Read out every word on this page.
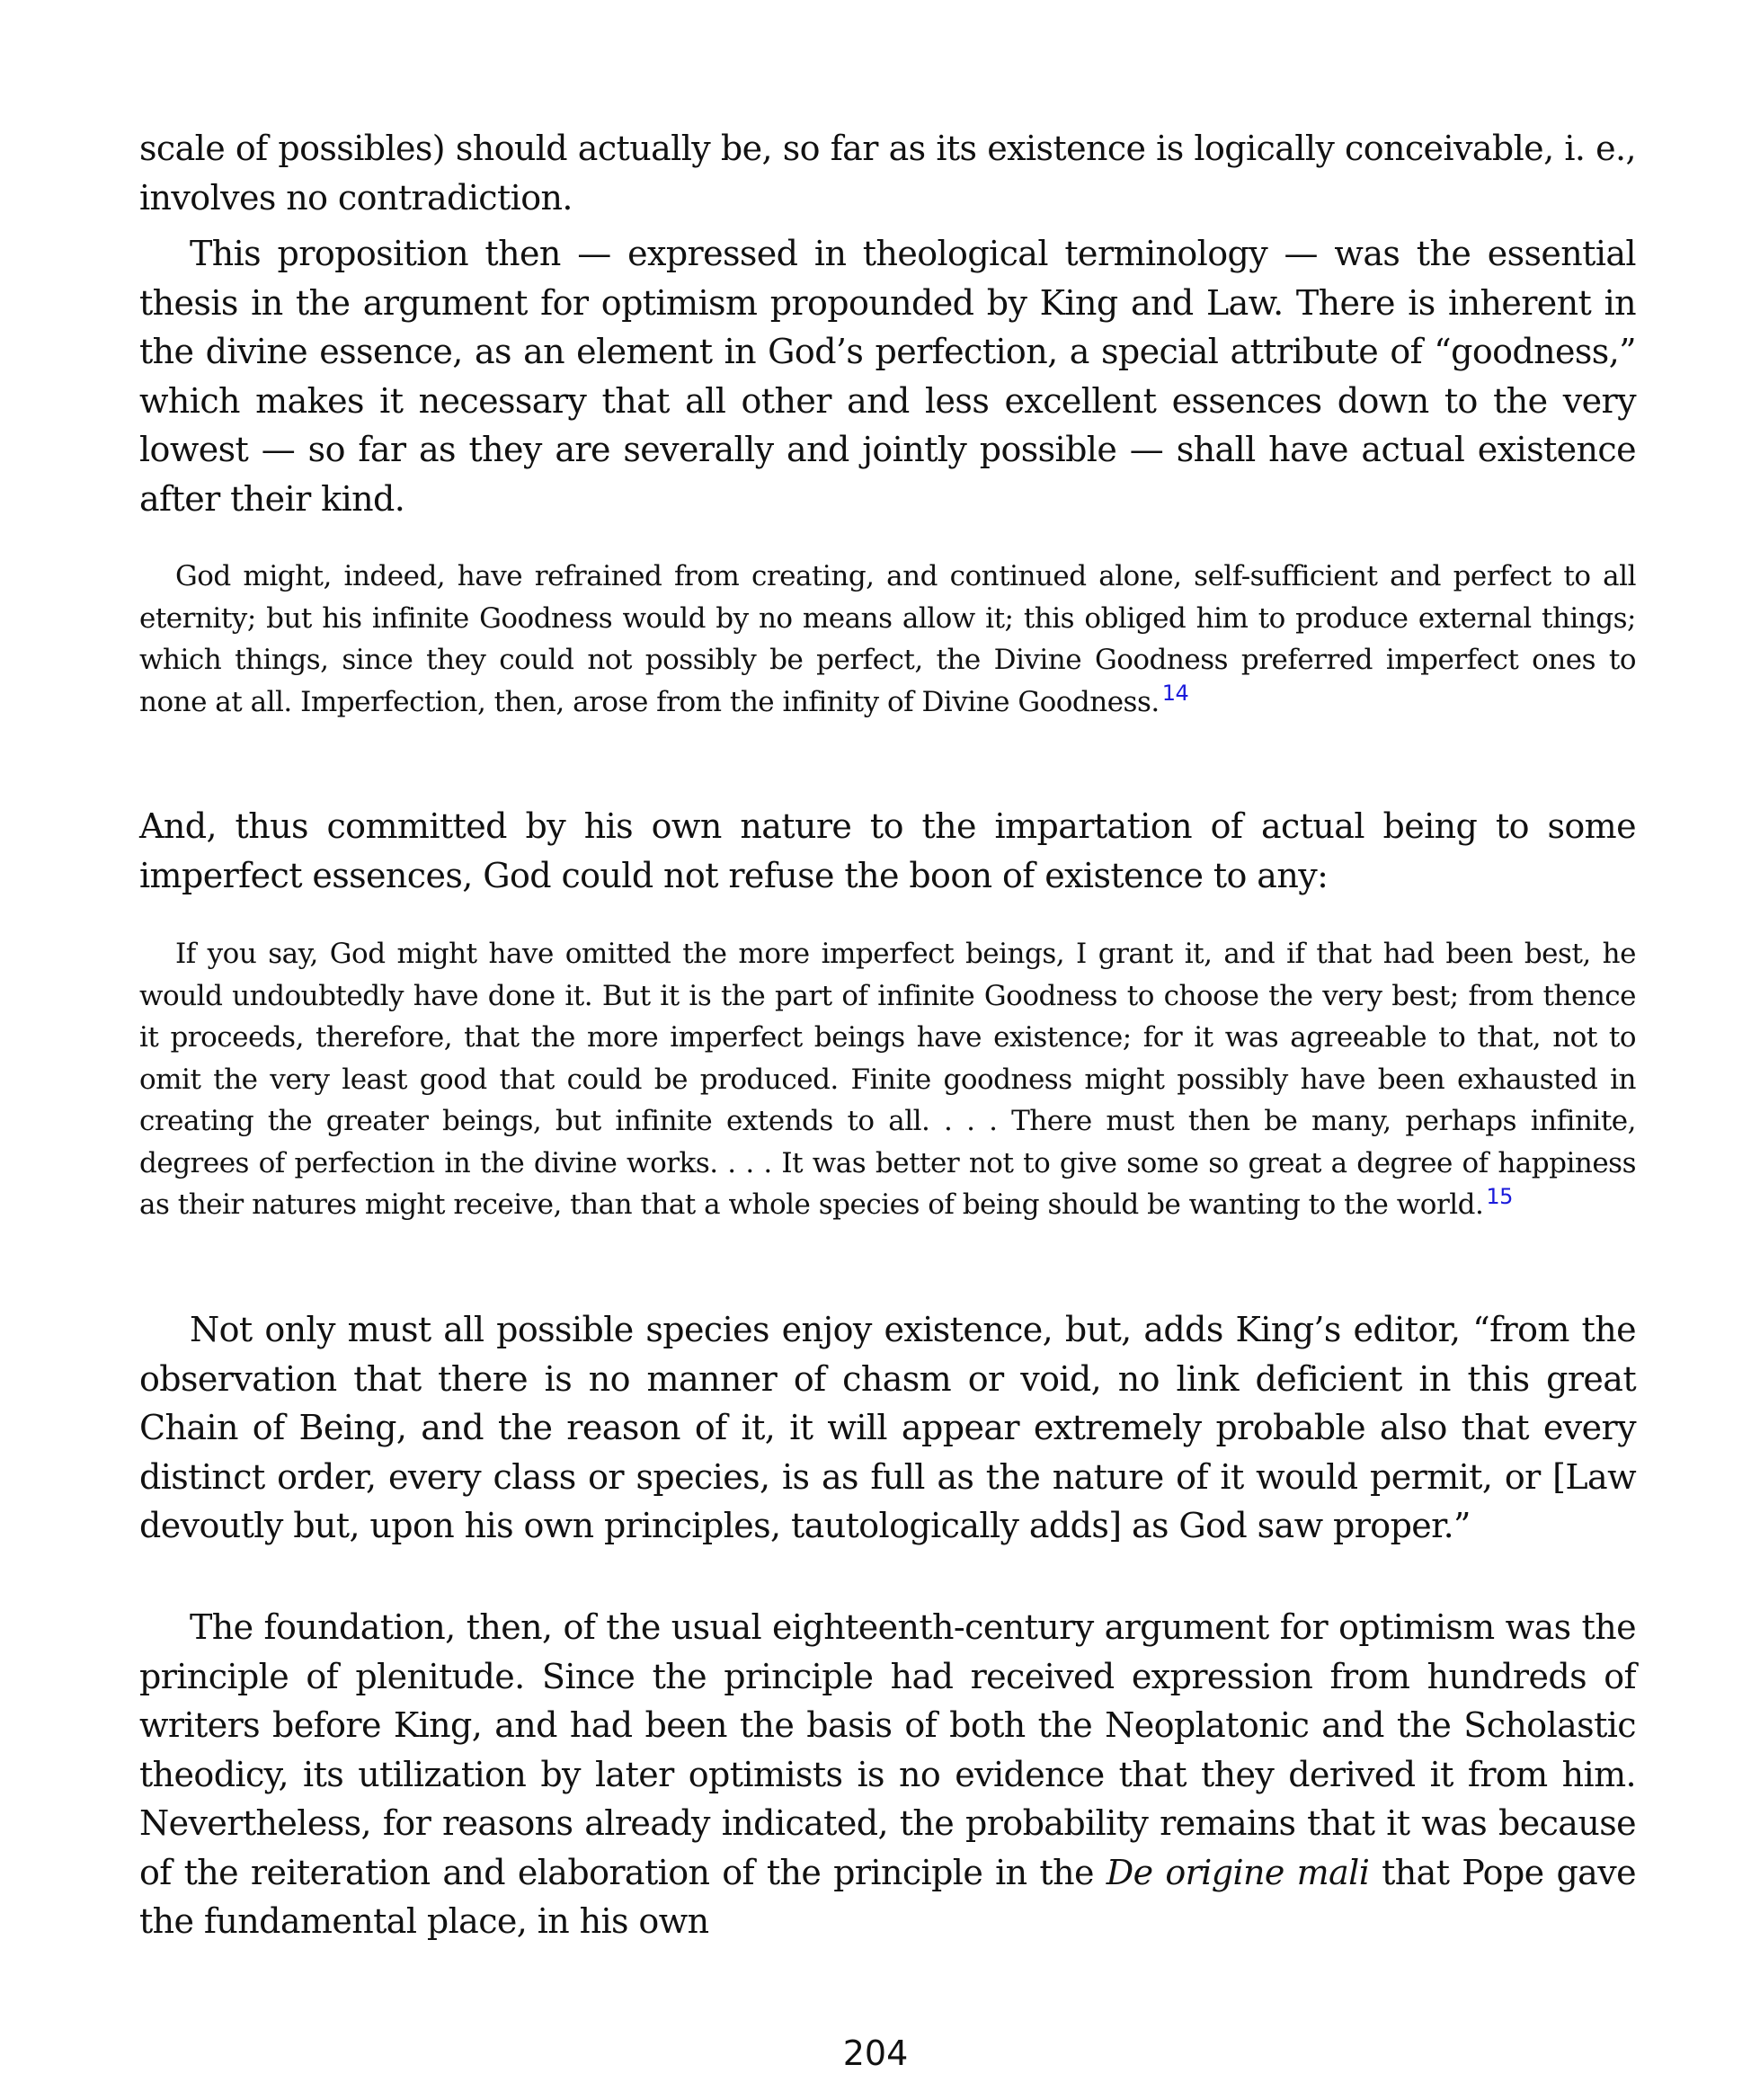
scale of possibles) should actually be, so far as its existence is logically conceivable, i. e., involves no contradiction.

This proposition then — expressed in theological terminology — was the essential thesis in the argument for optimism propounded by King and Law. There is inherent in the divine essence, as an element in God’s perfection, a special attribute of “goodness,” which makes it necessary that all other and less excellent essences down to the very lowest — so far as they are severally and jointly possible — shall have actual existence after their kind.

God might, indeed, have refrained from creating, and continued alone, self-sufficient and perfect to all eternity; but his infinite Goodness would by no means allow it; this obliged him to produce external things; which things, since they could not possibly be perfect, the Divine Goodness preferred imperfect ones to none at all. Imperfection, then, arose from the infinity of Divine Goodness. $^{14}$

And, thus committed by his own nature to the impartation of actual being to some imperfect essences, God could not refuse the boon of existence to any:

If you say, God might have omitted the more imperfect beings, I grant it, and if that had been best, he would undoubtedly have done it. But it is the part of infinite Goodness to choose the very best; from thence it proceeds, therefore, that the more imperfect beings have existence; for it was agreeable to that, not to omit the very least good that could be produced. Finite goodness might possibly have been exhausted in creating the greater beings, but infinite extends to all. . . . There must then be many, perhaps infinite, degrees of perfection in the divine works. . . . It was better not to give some so great a degree of happiness as their natures might receive, than that a whole species of being should be wanting to the world. $^{15}$

Not only must all possible species enjoy existence, but, adds King’s editor, “from the observation that there is no manner of chasm or void, no link deficient in this great Chain of Being, and the reason of it, it will appear extremely probable also that every distinct order, every class or species, is as full as the nature of it would permit, or [Law devoutly but, upon his own principles, tautologically adds] as God saw proper.”

The foundation, then, of the usual eighteenth-century argument for optimism was the principle of plenitude. Since the principle had received expression from hundreds of writers before King, and had been the basis of both the Neoplatonic and the Scholastic theodicy, its utilization by later optimists is no evidence that they derived it from him. Nevertheless, for reasons already indicated, the probability remains that it was because of the reiteration and elaboration of the principle in the De origine mali that Pope gave the fundamental place, in his own

204
